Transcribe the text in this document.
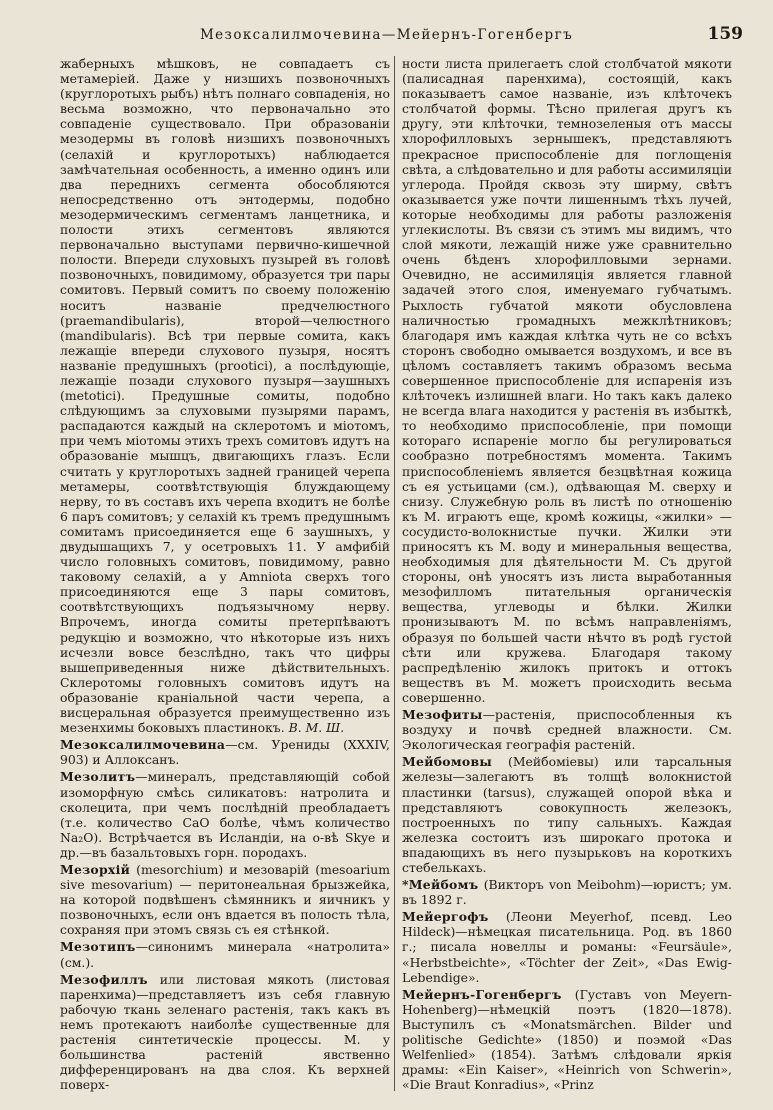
Мезоксалилмочевина—Мейернъ-Гогенбергъ	159

жаберныхъ мѣшковъ, не совпадаетъ съ метамеріей. Даже у низшихъ позвоночныхъ (круглоротыхъ рыбъ) нѣтъ полнаго совпаденія, но весьма возможно, что первоначально это совпаденіе существовало. При образованіи мезодермы въ головѣ низшихъ позвоночныхъ (селахій и круглоротыхъ) наблюдается замѣчательная особенность, а именно одинъ или два переднихъ сегмента обособляются непосредственно отъ энтодермы, подобно мезодермическимъ сегментамъ ланцетника, и полости этихъ сегментовъ являются первоначально выступами первично-кишечной полости. Впереди слуховыхъ пузырей въ головѣ позвоночныхъ, повидимому, образуется три пары сомитовъ. Первый сомитъ по своему положенію носитъ названіе предчелюстного (praemandibularis), второй—челюстного (mandibularis). Всѣ три первые сомита, какъ лежащіе впереди слухового пузыря, носятъ названіе предушныхъ (prootici), а послѣдующіе, лежащіе позади слухового пузыря—заушныхъ (metotici). Предушные сомиты, подобно слѣдующимъ за слуховыми пузырями парамъ, распадаются каждый на склеротомъ и міотомъ, при чемъ міотомы этихъ трехъ сомитовъ идутъ на образованіе мышцъ, двигающихъ глазъ. Если считать у круглоротыхъ задней границей черепа метамеры, соотвѣтствующія блуждающему нерву, то въ составъ ихъ черепа входитъ не болѣе 6 паръ сомитовъ; у селахій къ тремъ предушнымъ сомитамъ присоединяется еще 6 заушныхъ, у двудышащихъ 7, у осетровыхъ 11. У амфибій число головныхъ сомитовъ, повидимому, равно таковому селахій, а у Amniota сверхъ того присоединяются еще 3 пары сомитовъ, соотвѣтствующихъ подъязычному нерву. Впрочемъ, иногда сомиты претерпѣваютъ редукцію и возможно, что нѣкоторые изъ нихъ исчезли вовсе безслѣдно, такъ что цифры вышеприведенныя ниже дѣйствительныхъ. Склеротомы головныхъ сомитовъ идутъ на образованіе краніальной части черепа, а висцеральная образуется преимущественно изъ мезенхимы боковыхъ пластинокъ. В. М. Ш.

Мезоксалилмочевина—см. Урениды (XXXIV, 903) и Аллоксанъ.

Мезолитъ—минералъ, представляющій собой изоморфную смѣсь силикатовъ: натролита и сколецита, при чемъ послѣдній преобладаетъ (т.е. количество CaO болѣе, чѣмъ количество Na₂O). Встрѣчается въ Исландіи, на о-вѣ Skye и др.—въ базальтовыхъ горн. породахъ.

Мезорхій (mesorchium) и мезоварій (mesoarium sive mesovarium) — перитонеальная брызжейка, на которой подвѣшенъ сѣмянникъ и яичникъ у позвоночныхъ, если онъ вдается въ полость тѣла, сохраняя при этомъ связь съ ея стѣнкой.

Мезотипъ—синонимъ минерала «натролита» (см.).

Мезофиллъ или листовая мякоть (листовая паренхима)—представляетъ изъ себя главную рабочую ткань зеленаго растенія, такъ какъ въ немъ протекаютъ наиболѣе существенные для растенія синтетическіе процессы. М. у большинства растеній явственно дифференцированъ на два слоя. Къ верхней поверх-

ности листа прилегаетъ слой столбчатой мякоти (палисадная паренхима), состоящій, какъ показываетъ самое названіе, изъ клѣточекъ столбчатой формы. Тѣсно прилегая другъ къ другу, эти клѣточки, темнозеленыя отъ массы хлорофилловыхъ зернышекъ, представляютъ прекрасное приспособленіе для поглощенія свѣта, а слѣдовательно и для работы ассимиляціи углерода. Пройдя сквозь эту ширму, свѣтъ оказывается уже почти лишеннымъ тѣхъ лучей, которые необходимы для работы разложенія углекислоты. Въ связи съ этимъ мы видимъ, что слой мякоти, лежащій ниже уже сравнительно очень бѣденъ хлорофилловыми зернами. Очевидно, не ассимиляція является главной задачей этого слоя, именуемаго губчатымъ. Рыхлость губчатой мякоти обусловлена наличностью громадныхъ межклѣтниковъ; благодаря имъ каждая клѣтка чуть не со всѣхъ сторонъ свободно омывается воздухомъ, и все въ цѣломъ составляетъ такимъ образомъ весьма совершенное приспособленіе для испаренія изъ клѣточекъ излишней влаги. Но такъ какъ далеко не всегда влага находится у растенія въ избыткѣ, то необходимо приспособленіе, при помощи котораго испареніе могло бы регулироваться сообразно потребностямъ момента. Такимъ приспособленіемъ является безцвѣтная кожица съ ея устьицами (см.), одѣвающая М. сверху и снизу. Служебную роль въ листѣ по отношенію къ М. играютъ еще, кромѣ кожицы, «жилки» — сосудисто-волокнистые пучки. Жилки эти приносятъ къ М. воду и минеральныя вещества, необходимыя для дѣятельности М. Съ другой стороны, онѣ уносятъ изъ листа выработанныя мезофилломъ питательныя органическія вещества, углеводы и бѣлки. Жилки пронизываютъ М. по всѣмъ направленіямъ, образуя по большей части нѣчто въ родѣ густой сѣти или кружева. Благодаря такому распредѣленію жилокъ притокъ и оттокъ веществъ въ М. можетъ происходить весьма совершенно.

Мезофиты—растенія, приспособленныя къ воздуху и почвѣ средней влажности. См. Экологическая географія растеній.

Мейбомовы (Мейбоміевы) или тарсальныя железы—залегаютъ въ толщѣ волокнистой пластинки (tarsus), служащей опорой вѣка и представляютъ совокупность железокъ, построенныхъ по типу сальныхъ. Каждая железка состоитъ изъ широкаго протока и впадающихъ въ него пузырьковъ на короткихъ стебелькахъ.

*Мейбомъ (Викторъ von Meibohm)—юристъ; ум. въ 1892 г.

Мейергофъ (Леони Meyerhof, псевд. Leo Hildeck)—нѣмецкая писательница. Род. въ 1860 г.; писала новеллы и романы: «Feursäule», «Herbstbeichte», «Töchter der Zeit», «Das Ewig-Lebendige».

Мейернъ-Гогенбергъ (Густавъ von Meyern-Hohenberg)—нѣмецкій поэтъ (1820—1878). Выступилъ съ «Monatsmärchen. Bilder und politische Gedichte» (1850) и поэмой «Das Welfenlied» (1854). Затѣмъ слѣдовали яркія драмы: «Ein Kaiser», «Heinrich von Schwerin», «Die Braut Konradius», «Prinz
